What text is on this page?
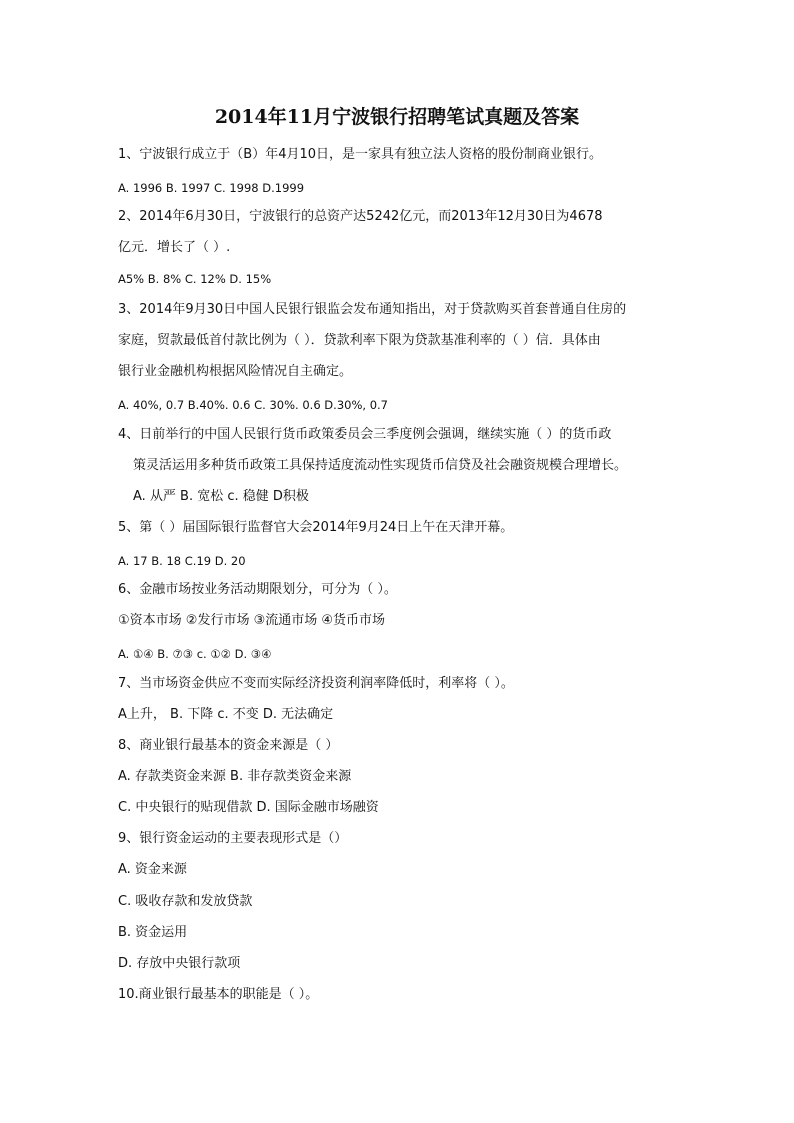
2014年11月宁波银行招聘笔试真题及答案
1、宁波银行成立于（B）年4月10日，是一家具有独立法人资格的股份制商业银行。
A. 1996 B. 1997 C. 1998 D.1999
2、2014年6月30日，宁波银行的总资产达5242亿元，而2013年12月30日为4678
亿元．增长了（ ）.
A5% B. 8% C. 12% D. 15%
3、2014年9月30日中国人民银行银监会发布通知指出，对于贷款购买首套普通自住房的
家庭，贸款最低首付款比例为（ ）．贷款利率下限为贷款基准利率的（ ）信．具体由
银行业金融机构根据风险情况自主确定。
A. 40%, 0.7 B.40%. 0.6 C. 30%. 0.6 D.30%, 0.7
4、日前举行的中国人民银行货币政策委员会三季度例会强调，继续实施（ ）的货币政
策灵活运用多种货币政策工具保持适度流动性实现货币信贷及社会融资规模合理增长。
A. 从严 B. 宽松 c. 稳健 D积极
5、第（ ）届国际银行监督官大会2014年9月24日上午在天津开幕。
A. 17 B. 18 C.19 D. 20
6、金融市场按业务活动期限划分，可分为（ ）。
①资本市场 ②发行市场 ③流通市场 ④货币市场
A. ①④ B. ⑦③ c. ①② D. ③④
7、当市场资金供应不变而实际经济投资利润率降低时，利率将（ ）。
A上升， B. 下降 c. 不变 D. 无法确定
8、商业银行最基本的资金来源是（ ）
A. 存款类资金来源 B. 非存款类资金来源
C. 中央银行的贴现借款 D. 国际金融市场融资
9、银行资金运动的主要表现形式是（）
A. 资金来源
C. 吸收存款和发放贷款
B. 资金运用
D. 存放中央银行款项
10.商业银行最基本的职能是（ ）。
